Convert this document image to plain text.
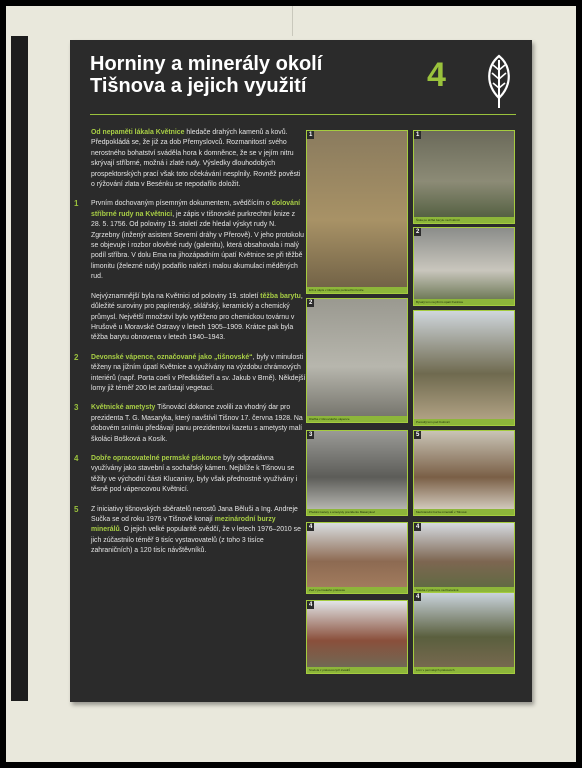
Horniny a minerály okolí
Tišnova a jejich využití	4
Od nepaměti lákala Květnice hledače drahých kamenů a kovů. Předpokládá se, že již za dob Přemyslovců. Rozmanitostí svého nerostného bohatství sváděla hora k domněnce, že se v jejím nitru skrývají stříbrné, možná i zlaté rudy. Výsledky dlouhodobých prospektorských prací však toto očekávání nesplnily. Rovněž pověsti o rýžování zlata v Besénku se nepodařilo doložit.
1 Prvním dochovaným písemným dokumentem, svědčícím o dolování stříbrné rudy na Květnici, je zápis v tišnovské purkrechtní knize z 28. 5. 1756. Od poloviny 19. století zde hledal výskyt rudy N. Zgrzebny (inženýr asistent Severní dráhy v Přerově). V jeho protokolu se objevuje i rozbor olověné rudy (galenitu), která obsahovala i malý podíl stříbra. V dolu Ema na jihozápadním úpatí Květnice se při těžbě limonitu (železné rudy) podařilo nalézt i malou akumulaci měděných rud.
Nejvýznamnější byla na Květnici od poloviny 19. století těžba barytu, důležité suroviny pro papírenský, sklářský, keramický a chemický průmysl. Největší množství bylo vytěženo pro chemickou továrnu v Hrušově u Moravské Ostravy v letech 1905–1909. Krátce pak byla těžba barytu obnovena v letech 1940–1943.
2 Devonské vápence, označované jako „tišnovské“, byly v minulosti těženy na jižním úpatí Květnice a využívány na výzdobu chrámových interiérů (např. Porta coeli v Předklášteří a sv. Jakub v Brně). Někdejší lomy již téměř 200 let zarůstají vegetací.
3 Květnické ametysty Tišnovácí dokonce zvolili za vhodný dar pro prezidenta T. G. Masaryka, který navštívil Tišnov 17. června 1928. Na dobovém snímku předávají panu prezidentovi kazetu s ametysty malí školáci Bošková a Kosík.
4 Dobře opracovatelné permské pískovce byly odpradávna využívány jako stavební a sochařský kámen. Nejblíže k Tišnovu se těžily ve východní části Klucaniny, byly však přednostně využívány i těsně pod vápencovou Květnicí.
5 Z iniciativy tišnovských sběratelů nerostů Jana Běluši a Ing. Andreje Sučka se od roku 1976 v Tišnově konají mezinárodní burzy minerálů. O jejich velké popularitě svědčí, že v letech 1976–2010 se jich zúčastnilo téměř 9 tisíc vystavovatelů (z toho 3 tisíce zahraničních) a 120 tisíc návštěvníků.
1
Erb a nápis v tišnovské purkrechtní knize
1
Štola po těžbě barytu na Květnici
2
Dlažba z tišnovského vápence
2
Bývalý lom na jižním úpatí Květnice
Porostlý lom pod Květnicí
3
Předání kazety s ametysty prezidentu Masarykovi
5
Mezinárodní burza minerálů v Tišnově
4
Zeď z permského pískovce
4
Stavba z pískovce na Klucanině
4
Stodola z pískovcových kvádrů
4
Lom v permských pískovcích
